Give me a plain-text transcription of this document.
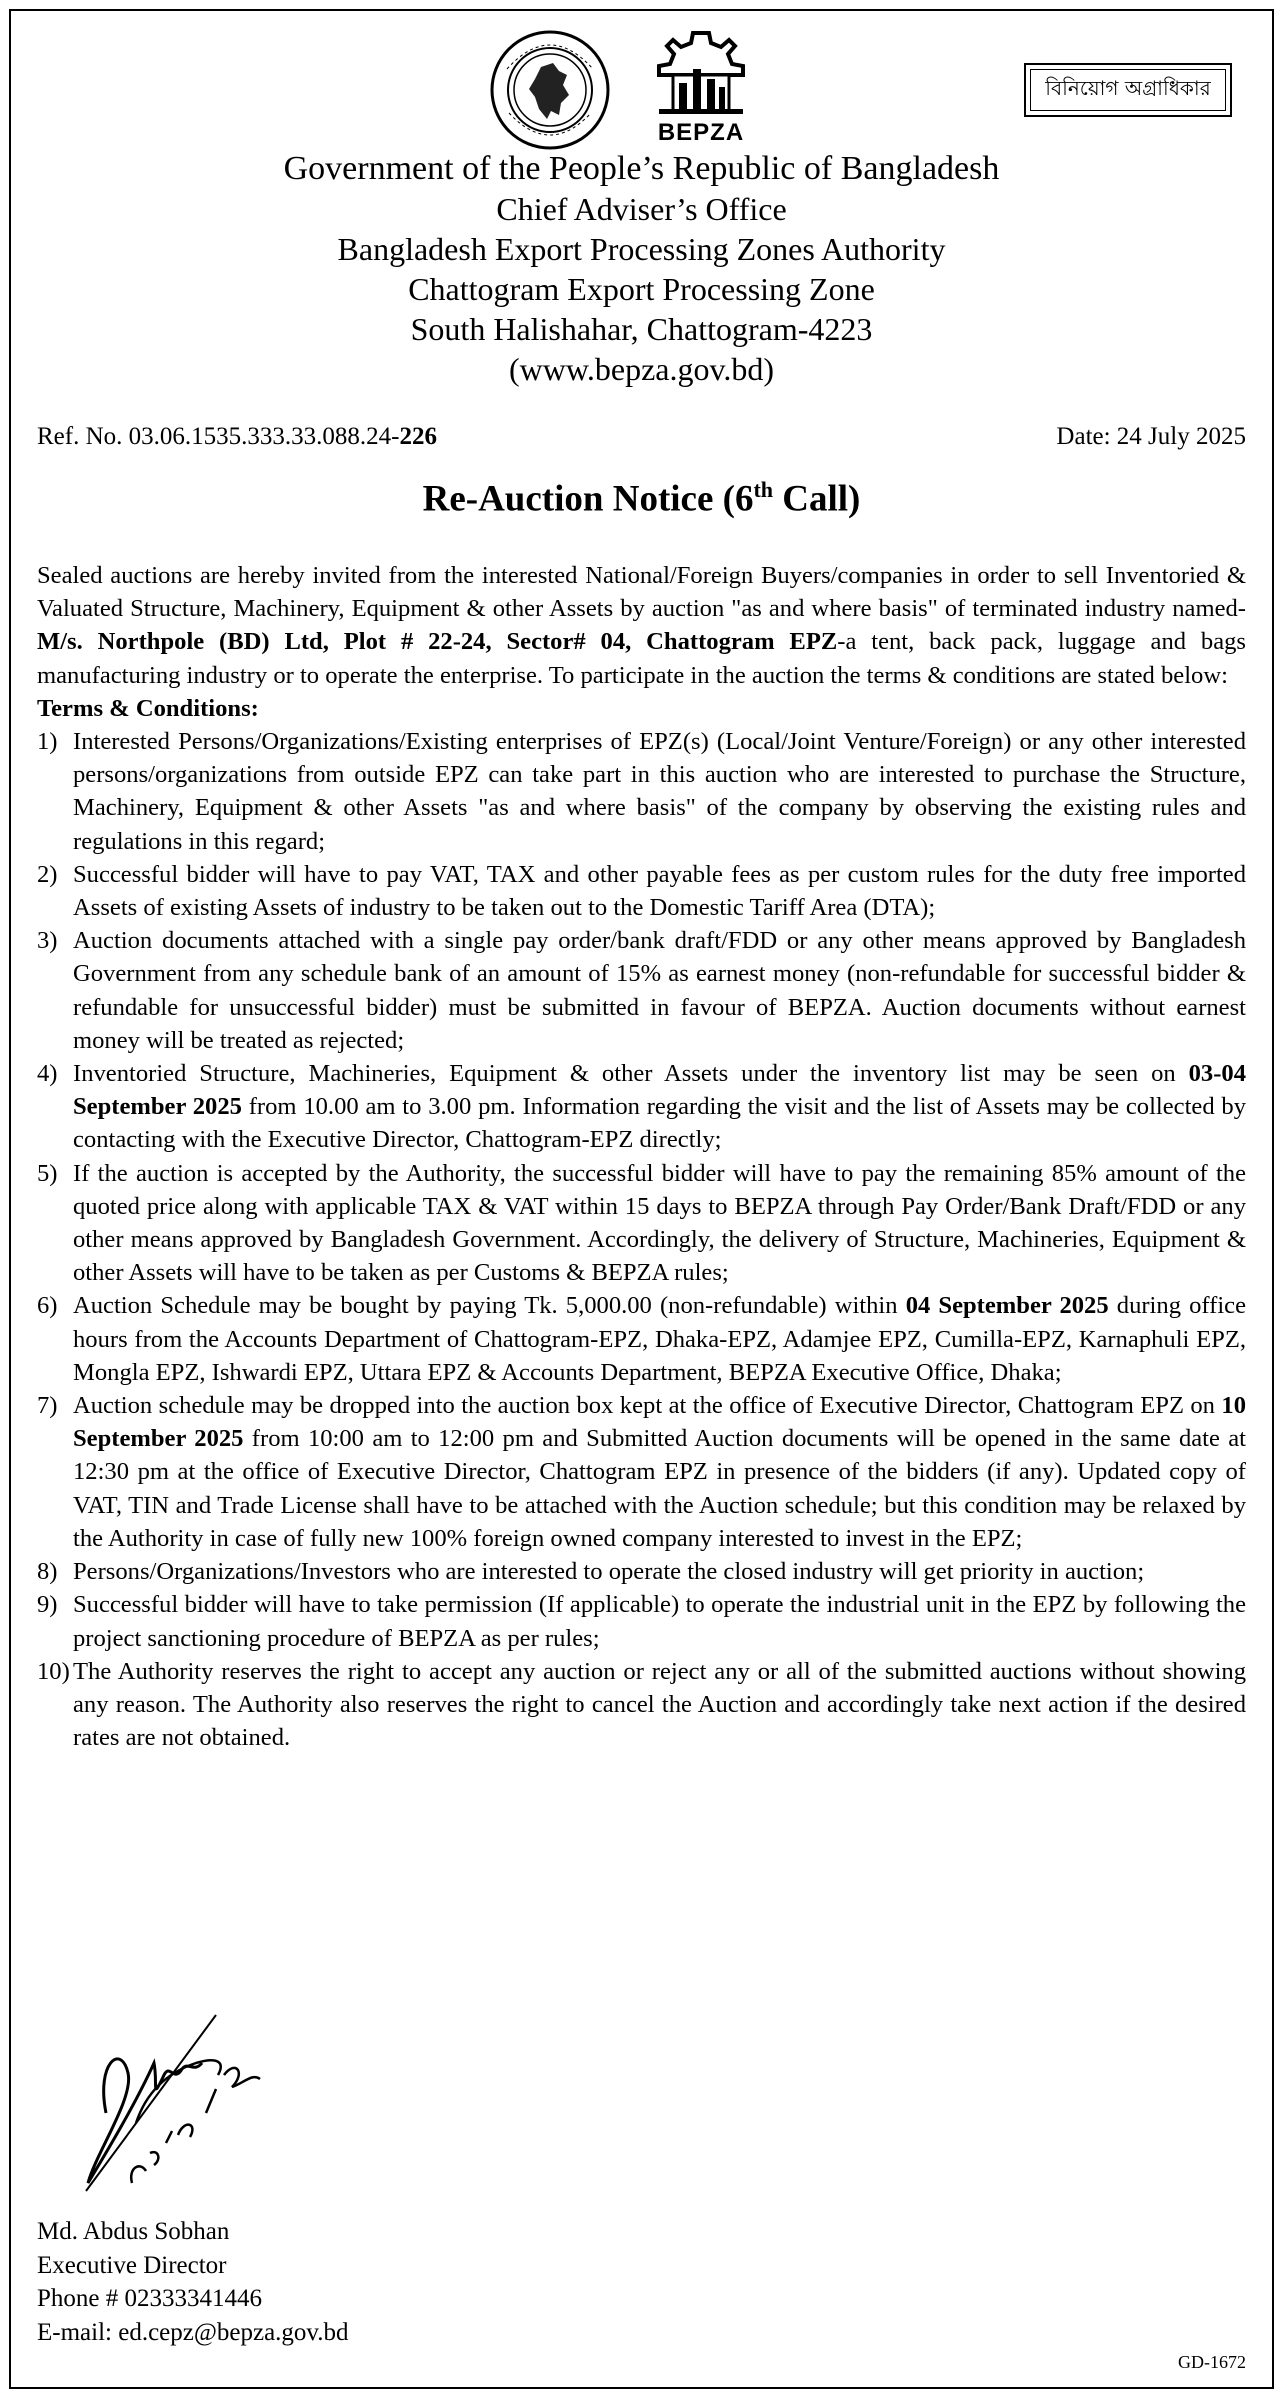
BEPZA
বিনিয়োগ অগ্রাধিকার
Government of the People’s Republic of Bangladesh
Chief Adviser’s Office
Bangladesh Export Processing Zones Authority
Chattogram Export Processing Zone
South Halishahar, Chattogram-4223
(www.bepza.gov.bd)
Ref. No. 03.06.1535.333.33.088.24-226	Date: 24 July 2025
Re-Auction Notice (6th Call)

Sealed auctions are hereby invited from the interested National/Foreign Buyers/companies in order to sell Inventoried & Valuated Structure, Machinery, Equipment & other Assets by auction "as and where basis" of terminated industry named-M/s. Northpole (BD) Ltd, Plot # 22-24, Sector# 04, Chattogram EPZ-a tent, back pack, luggage and bags manufacturing industry or to operate the enterprise. To participate in the auction the terms & conditions are stated below:

Terms & Conditions:

1) Interested Persons/Organizations/Existing enterprises of EPZ(s) (Local/Joint Venture/Foreign) or any other interested persons/organizations from outside EPZ can take part in this auction who are interested to purchase the Structure, Machinery, Equipment & other Assets "as and where basis" of the company by observing the existing rules and regulations in this regard;
2) Successful bidder will have to pay VAT, TAX and other payable fees as per custom rules for the duty free imported Assets of existing Assets of industry to be taken out to the Domestic Tariff Area (DTA);
3) Auction documents attached with a single pay order/bank draft/FDD or any other means approved by Bangladesh Government from any schedule bank of an amount of 15% as earnest money (non-refundable for successful bidder & refundable for unsuccessful bidder) must be submitted in favour of BEPZA. Auction documents without earnest money will be treated as rejected;
4) Inventoried Structure, Machineries, Equipment & other Assets under the inventory list may be seen on 03-04 September 2025 from 10.00 am to 3.00 pm. Information regarding the visit and the list of Assets may be collected by contacting with the Executive Director, Chattogram-EPZ directly;
5) If the auction is accepted by the Authority, the successful bidder will have to pay the remaining 85% amount of the quoted price along with applicable TAX & VAT within 15 days to BEPZA through Pay Order/Bank Draft/FDD or any other means approved by Bangladesh Government. Accordingly, the delivery of Structure, Machineries, Equipment & other Assets will have to be taken as per Customs & BEPZA rules;
6) Auction Schedule may be bought by paying Tk. 5,000.00 (non-refundable) within 04 September 2025 during office hours from the Accounts Department of Chattogram-EPZ, Dhaka-EPZ, Adamjee EPZ, Cumilla-EPZ, Karnaphuli EPZ, Mongla EPZ, Ishwardi EPZ, Uttara EPZ & Accounts Department, BEPZA Executive Office, Dhaka;
7) Auction schedule may be dropped into the auction box kept at the office of Executive Director, Chattogram EPZ on 10 September 2025 from 10:00 am to 12:00 pm and Submitted Auction documents will be opened in the same date at 12:30 pm at the office of Executive Director, Chattogram EPZ in presence of the bidders (if any). Updated copy of VAT, TIN and Trade License shall have to be attached with the Auction schedule; but this condition may be relaxed by the Authority in case of fully new 100% foreign owned company interested to invest in the EPZ;
8) Persons/Organizations/Investors who are interested to operate the closed industry will get priority in auction;
9) Successful bidder will have to take permission (If applicable) to operate the industrial unit in the EPZ by following the project sanctioning procedure of BEPZA as per rules;
10) The Authority reserves the right to accept any auction or reject any or all of the submitted auctions without showing any reason. The Authority also reserves the right to cancel the Auction and accordingly take next action if the desired rates are not obtained.
Md. Abdus Sobhan
Executive Director
Phone # 02333341446
E-mail: ed.cepz@bepza.gov.bd
GD-1672
